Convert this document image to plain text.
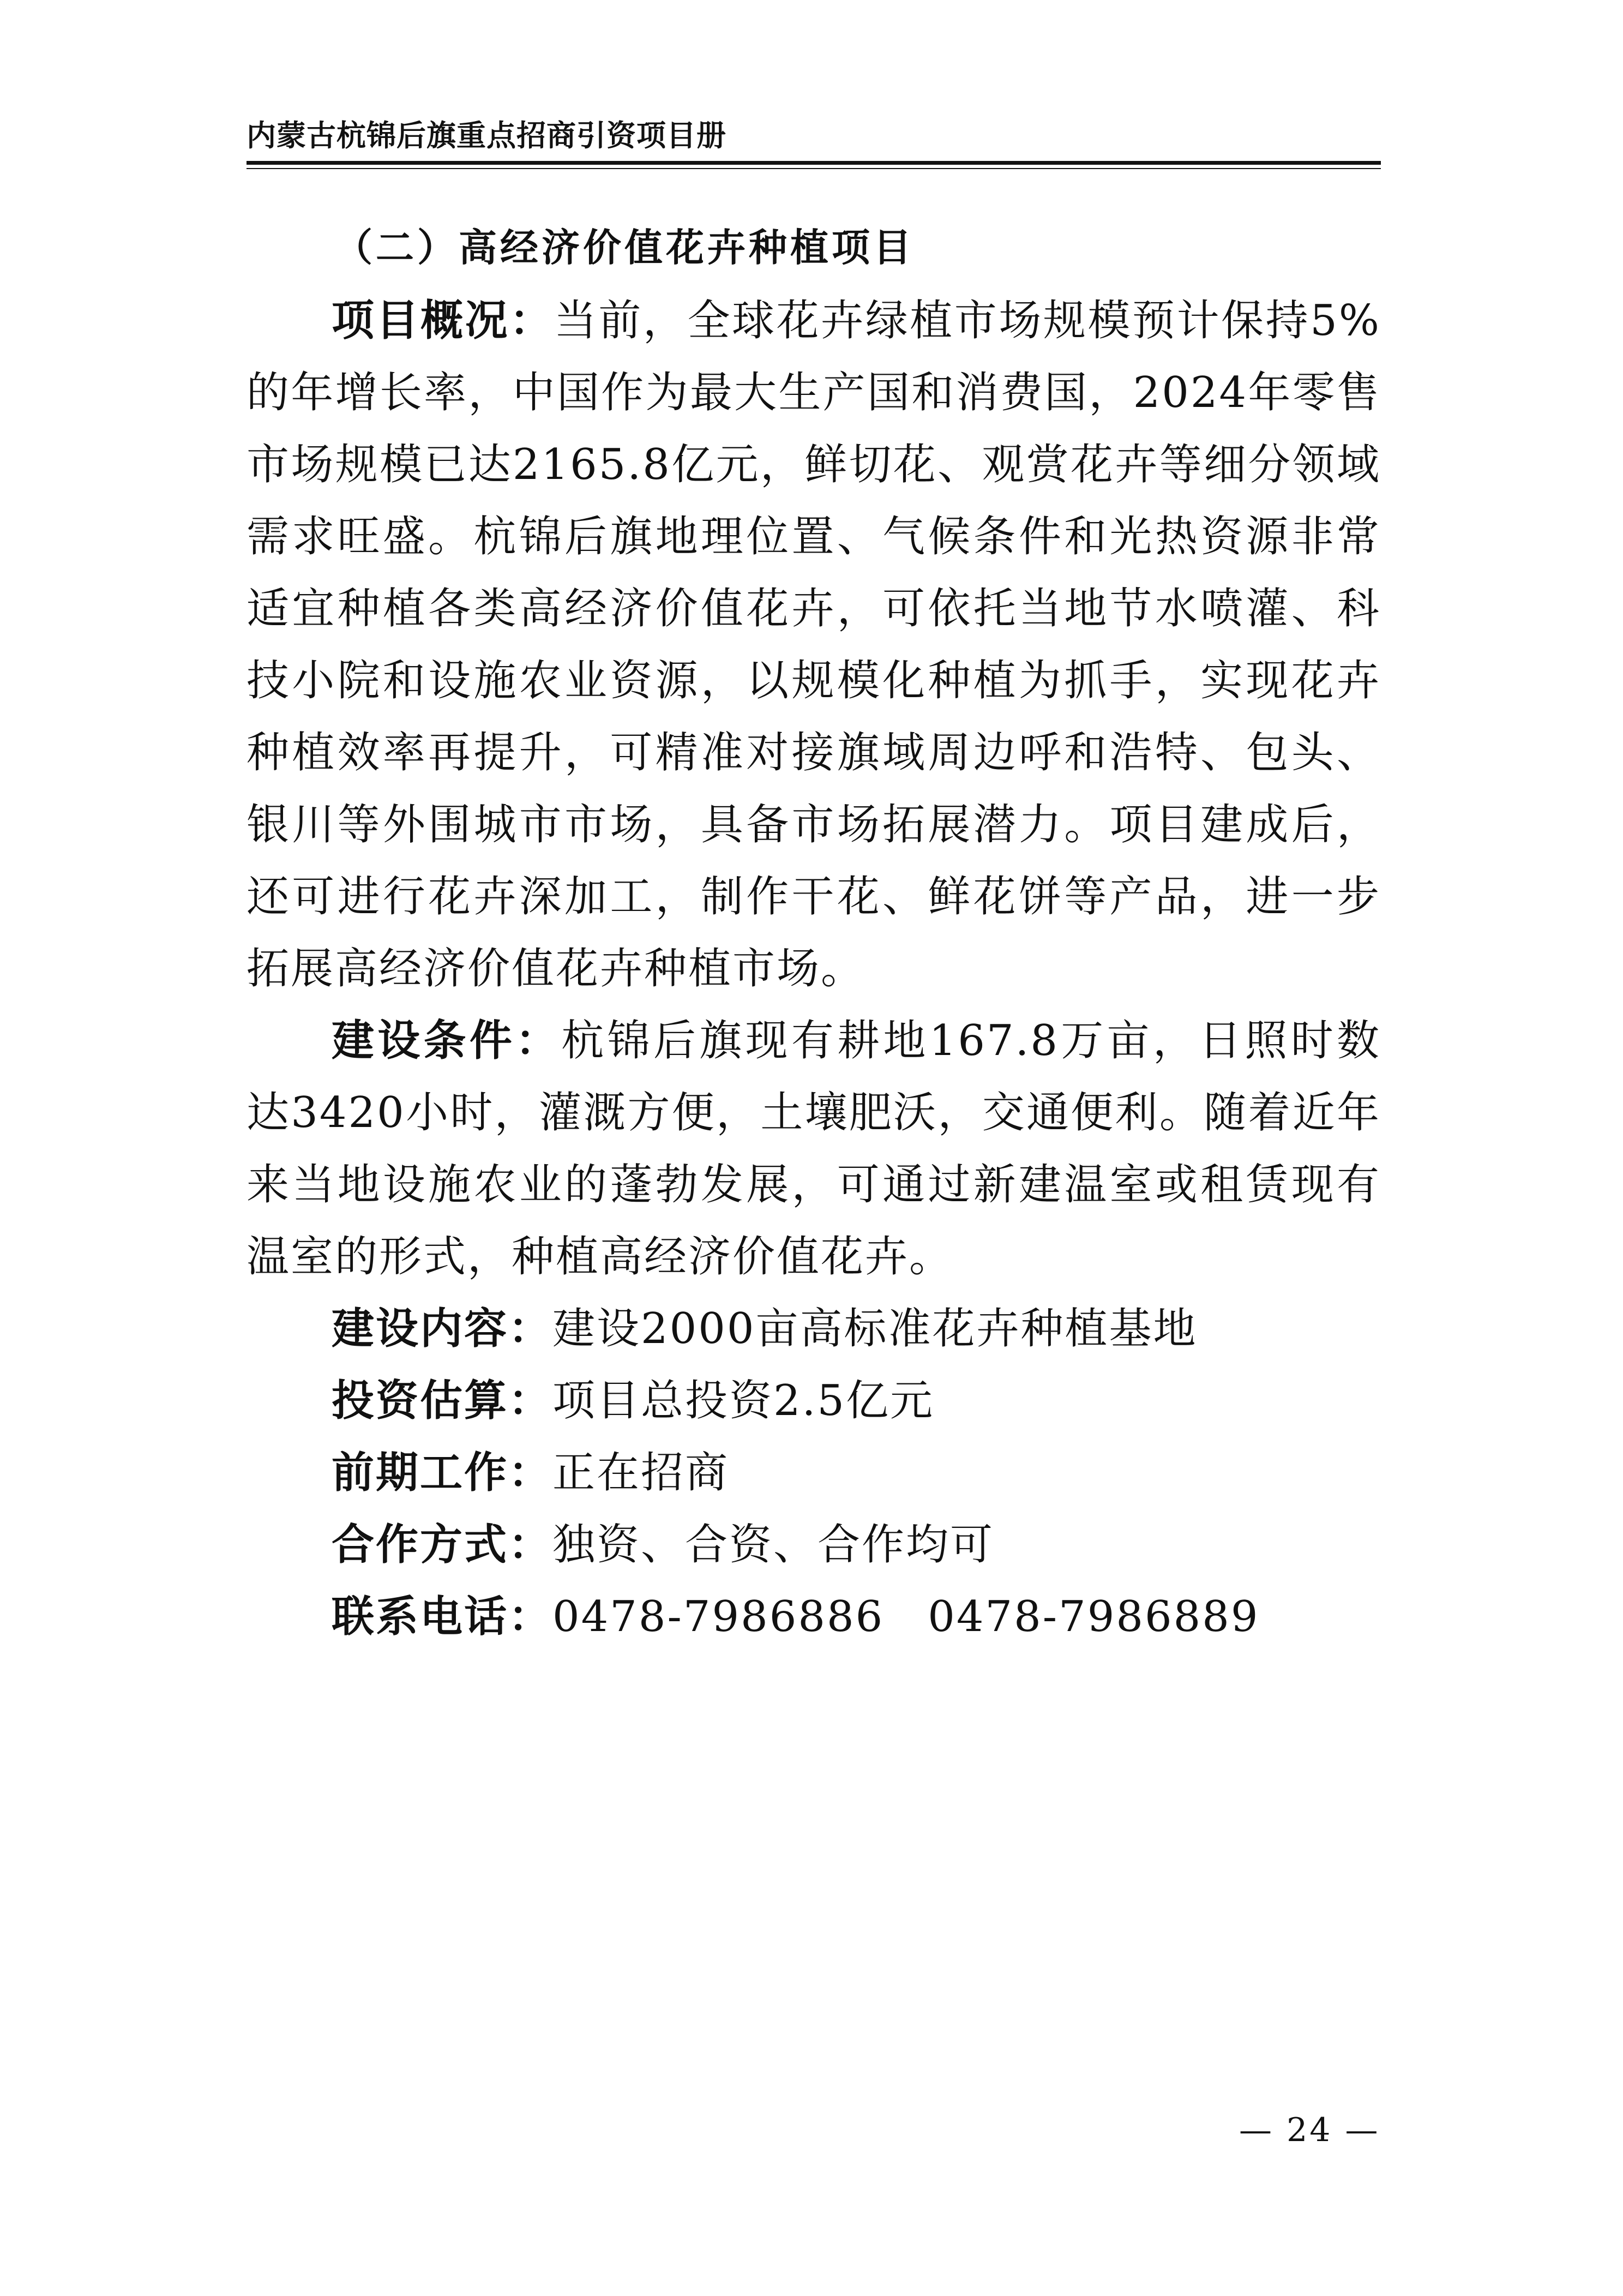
内蒙古杭锦后旗重点招商引资项目册
（二）高经济价值花卉种植项目

项目概况：当前，全球花卉绿植市场规模预计保持5%的年增长率，中国作为最大生产国和消费国，2024年零售市场规模已达2165.8亿元，鲜切花、观赏花卉等细分领域需求旺盛。杭锦后旗地理位置、气候条件和光热资源非常适宜种植各类高经济价值花卉，可依托当地节水喷灌、科技小院和设施农业资源，以规模化种植为抓手，实现花卉种植效率再提升，可精准对接旗域周边呼和浩特、包头、银川等外围城市市场，具备市场拓展潜力。项目建成后，还可进行花卉深加工，制作干花、鲜花饼等产品，进一步拓展高经济价值花卉种植市场。

建设条件：杭锦后旗现有耕地167.8万亩，日照时数达3420小时，灌溉方便，土壤肥沃，交通便利。随着近年来当地设施农业的蓬勃发展，可通过新建温室或租赁现有温室的形式，种植高经济价值花卉。

建设内容：建设2000亩高标准花卉种植基地

投资估算：项目总投资2.5亿元

前期工作：正在招商

合作方式：独资、合资、合作均可

联系电话：0478-7986886 0478-7986889

— 24 —
